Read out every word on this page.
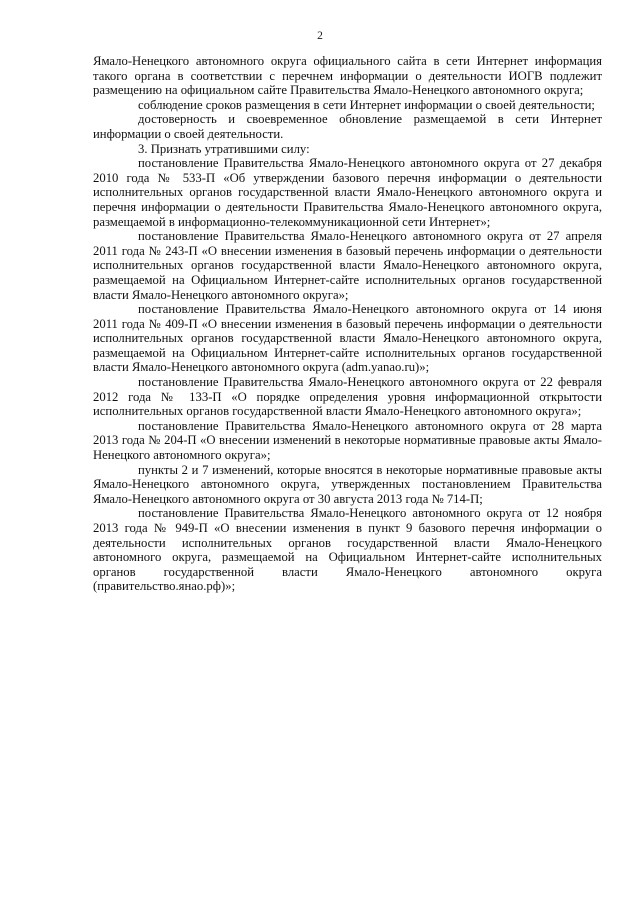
2

Ямало-Ненецкого автономного округа официального сайта в сети Интернет информация такого органа в соответствии с перечнем информации о деятельности ИОГВ подлежит размещению на официальном сайте Правительства Ямало-Ненецкого автономного округа;

соблюдение сроков размещения в сети Интернет информации о своей деятельности;

достоверность и своевременное обновление размещаемой в сети Интернет информации о своей деятельности.

3. Признать утратившими силу:

постановление Правительства Ямало-Ненецкого автономного округа от 27 декабря 2010 года № 533-П «Об утверждении базового перечня информации о деятельности исполнительных органов государственной власти Ямало-Ненецкого автономного округа и перечня информации о деятельности Правительства Ямало-Ненецкого автономного округа, размещаемой в информационно-телекоммуникационной сети Интернет»;

постановление Правительства Ямало-Ненецкого автономного округа от 27 апреля 2011 года № 243-П «О внесении изменения в базовый перечень информации о деятельности исполнительных органов государственной власти Ямало-Ненецкого автономного округа, размещаемой на Официальном Интернет-сайте исполнительных органов государственной власти Ямало-Ненецкого автономного округа»;

постановление Правительства Ямало-Ненецкого автономного округа от 14 июня 2011 года № 409-П «О внесении изменения в базовый перечень информации о деятельности исполнительных органов государственной власти Ямало-Ненецкого автономного округа, размещаемой на Официальном Интернет-сайте исполнительных органов государственной власти Ямало-Ненецкого автономного округа (adm.yanao.ru)»;

постановление Правительства Ямало-Ненецкого автономного округа от 22 февраля 2012 года № 133-П «О порядке определения уровня информационной открытости исполнительных органов государственной власти Ямало-Ненецкого автономного округа»;

постановление Правительства Ямало-Ненецкого автономного округа от 28 марта 2013 года № 204-П «О внесении изменений в некоторые нормативные правовые акты Ямало-Ненецкого автономного округа»;

пункты 2 и 7 изменений, которые вносятся в некоторые нормативные правовые акты Ямало-Ненецкого автономного округа, утвержденных постановлением Правительства Ямало-Ненецкого автономного округа от 30 августа 2013 года № 714-П;

постановление Правительства Ямало-Ненецкого автономного округа от 12 ноября 2013 года № 949-П «О внесении изменения в пункт 9 базового перечня информации о деятельности исполнительных органов государственной власти Ямало-Ненецкого автономного округа, размещаемой на Официальном Интернет-сайте исполнительных органов государственной власти Ямало-Ненецкого автономного округа (правительство.янао.рф)»;
